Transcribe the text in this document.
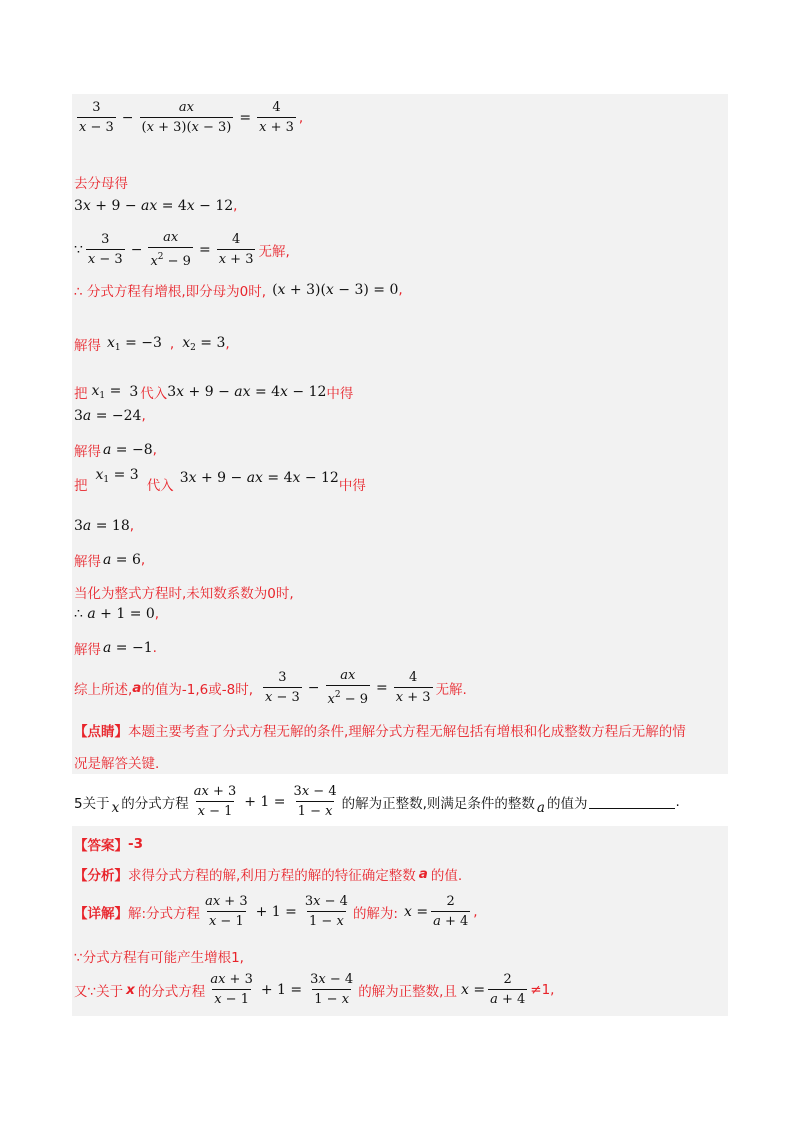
$\frac{3}{x - 3} - \frac{ax}{(x + 3)(x - 3)} = \frac{4}{x + 3}$ ,
去分母得
3x + 9 − ax = 4x − 12 ,
∵ $\frac{3}{x - 3} - \frac{ax}{x^2 - 9} = \frac{4}{x + 3}$ 无解,
∴ 分式方程有增根,即分母为0时, (x + 3)(x − 3) = 0 ,
解得 $x_1 = -3$ , $x_2 = 3$ ,
把 $x_1 = 3$ 代入 3x + 9 − ax = 4x − 12 中得
3a = −24 ,
解得 a = −8 ,
把
$x_1 = 3$
代入 3x + 9 − ax = 4x − 12 中得
3a = 18 ,
解得 a = 6 ,
当化为整式方程时,未知数系数为0时,
∴ a + 1 = 0 ,
解得 a = −1 .
综上所述, a 的值为-1,6或-8时, $\frac{3}{x - 3} - \frac{ax}{x^2 - 9} = \frac{4}{x + 3}$ 无解.
【点睛】 本题主要考查了分式方程无解的条件,理解分式方程无解包括有增根和化成整数方程后无解的情
况是解答关键.
5关于 x 的分式方程 $\frac{ax + 3}{x - 1} + 1 = \frac{3x - 4}{1 - x}$ 的解为正整数,则满足条件的整数 a 的值为	.
【答案】 -3
【分析】 求得分式方程的解,利用方程的解的特征确定整数 a 的值.
【详解】 解:分式方程 $\frac{ax + 3}{x - 1} + 1 = \frac{3x - 4}{1 - x}$ 的解为: $x = \frac{2}{a + 4}$ ,
∵分式方程有可能产生增根1,
又∵关于 x 的分式方程 $\frac{ax + 3}{x - 1} + 1 = \frac{3x - 4}{1 - x}$ 的解为正整数,且 $x = \frac{2}{a + 4} \ne 1$,
